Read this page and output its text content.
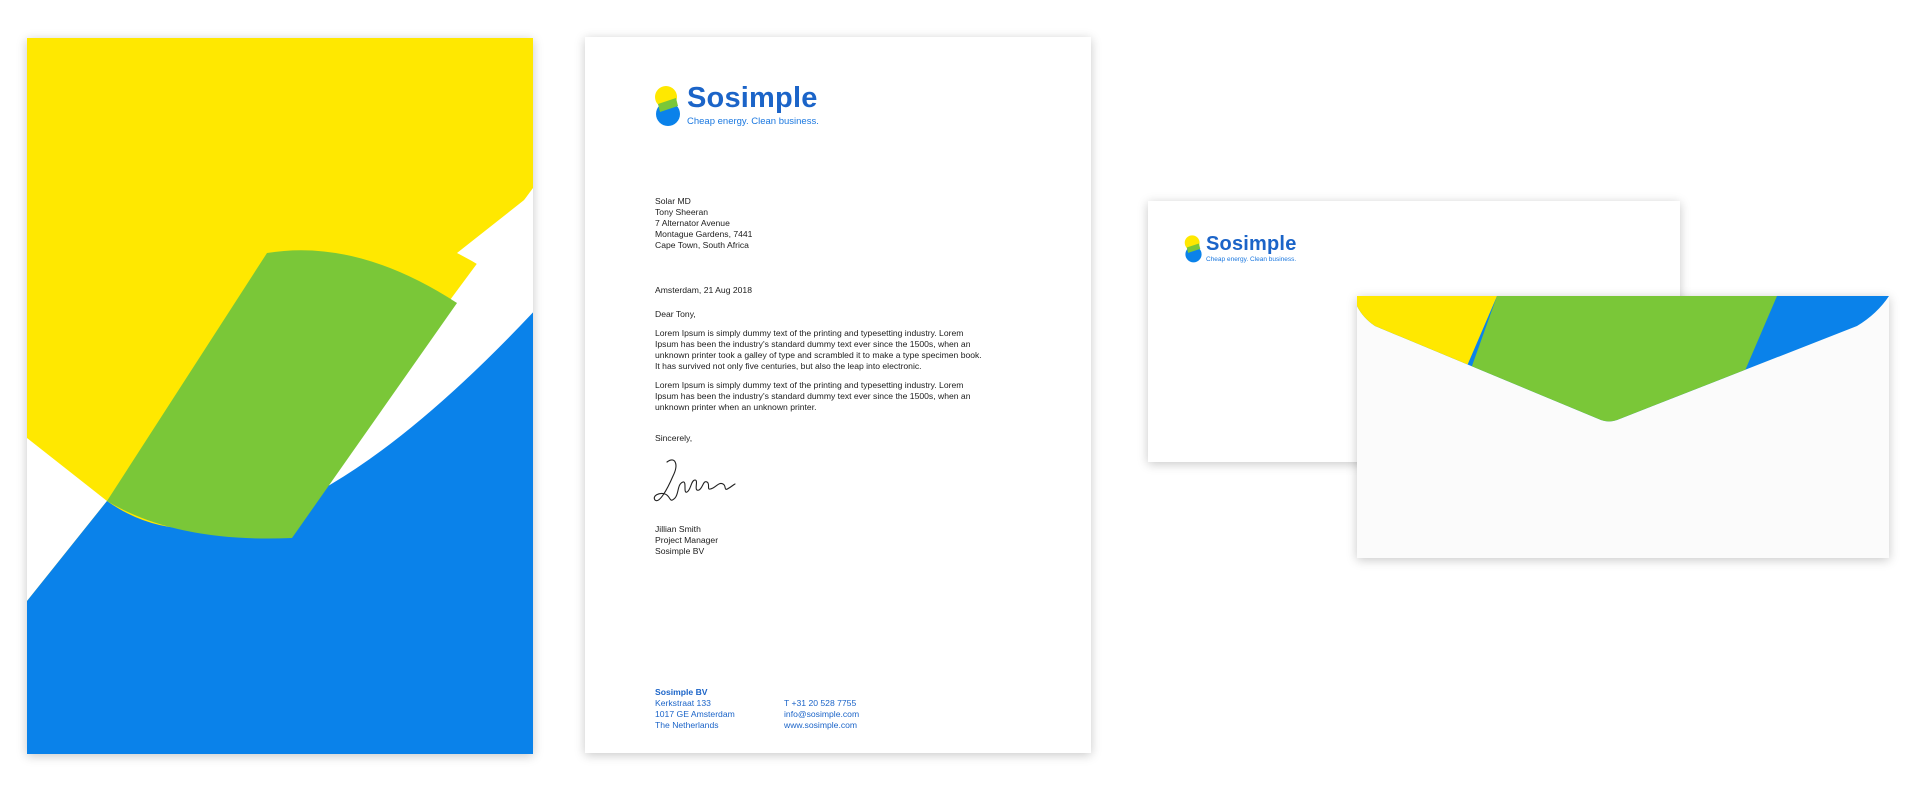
Sosimple
Cheap energy. Clean business.
Solar MD
Tony Sheeran
7 Alternator Avenue
Montague Gardens, 7441
Cape Town, South Africa
Amsterdam, 21 Aug 2018
Dear Tony,
Lorem Ipsum is simply dummy text of the printing and typesetting industry. Lorem
Ipsum has been the industry's standard dummy text ever since the 1500s, when an
unknown printer took a galley of type and scrambled it to make a type specimen book.
It has survived not only five centuries, but also the leap into electronic.
Lorem Ipsum is simply dummy text of the printing and typesetting industry. Lorem
Ipsum has been the industry's standard dummy text ever since the 1500s, when an
unknown printer when an unknown printer.
Sincerely,
Jillian Smith
Project Manager
Sosimple BV
Sosimple BV
Kerkstraat 133
1017 GE Amsterdam
The Netherlands
T +31 20 528 7755
info@sosimple.com
www.sosimple.com
Sosimple
Cheap energy. Clean business.
